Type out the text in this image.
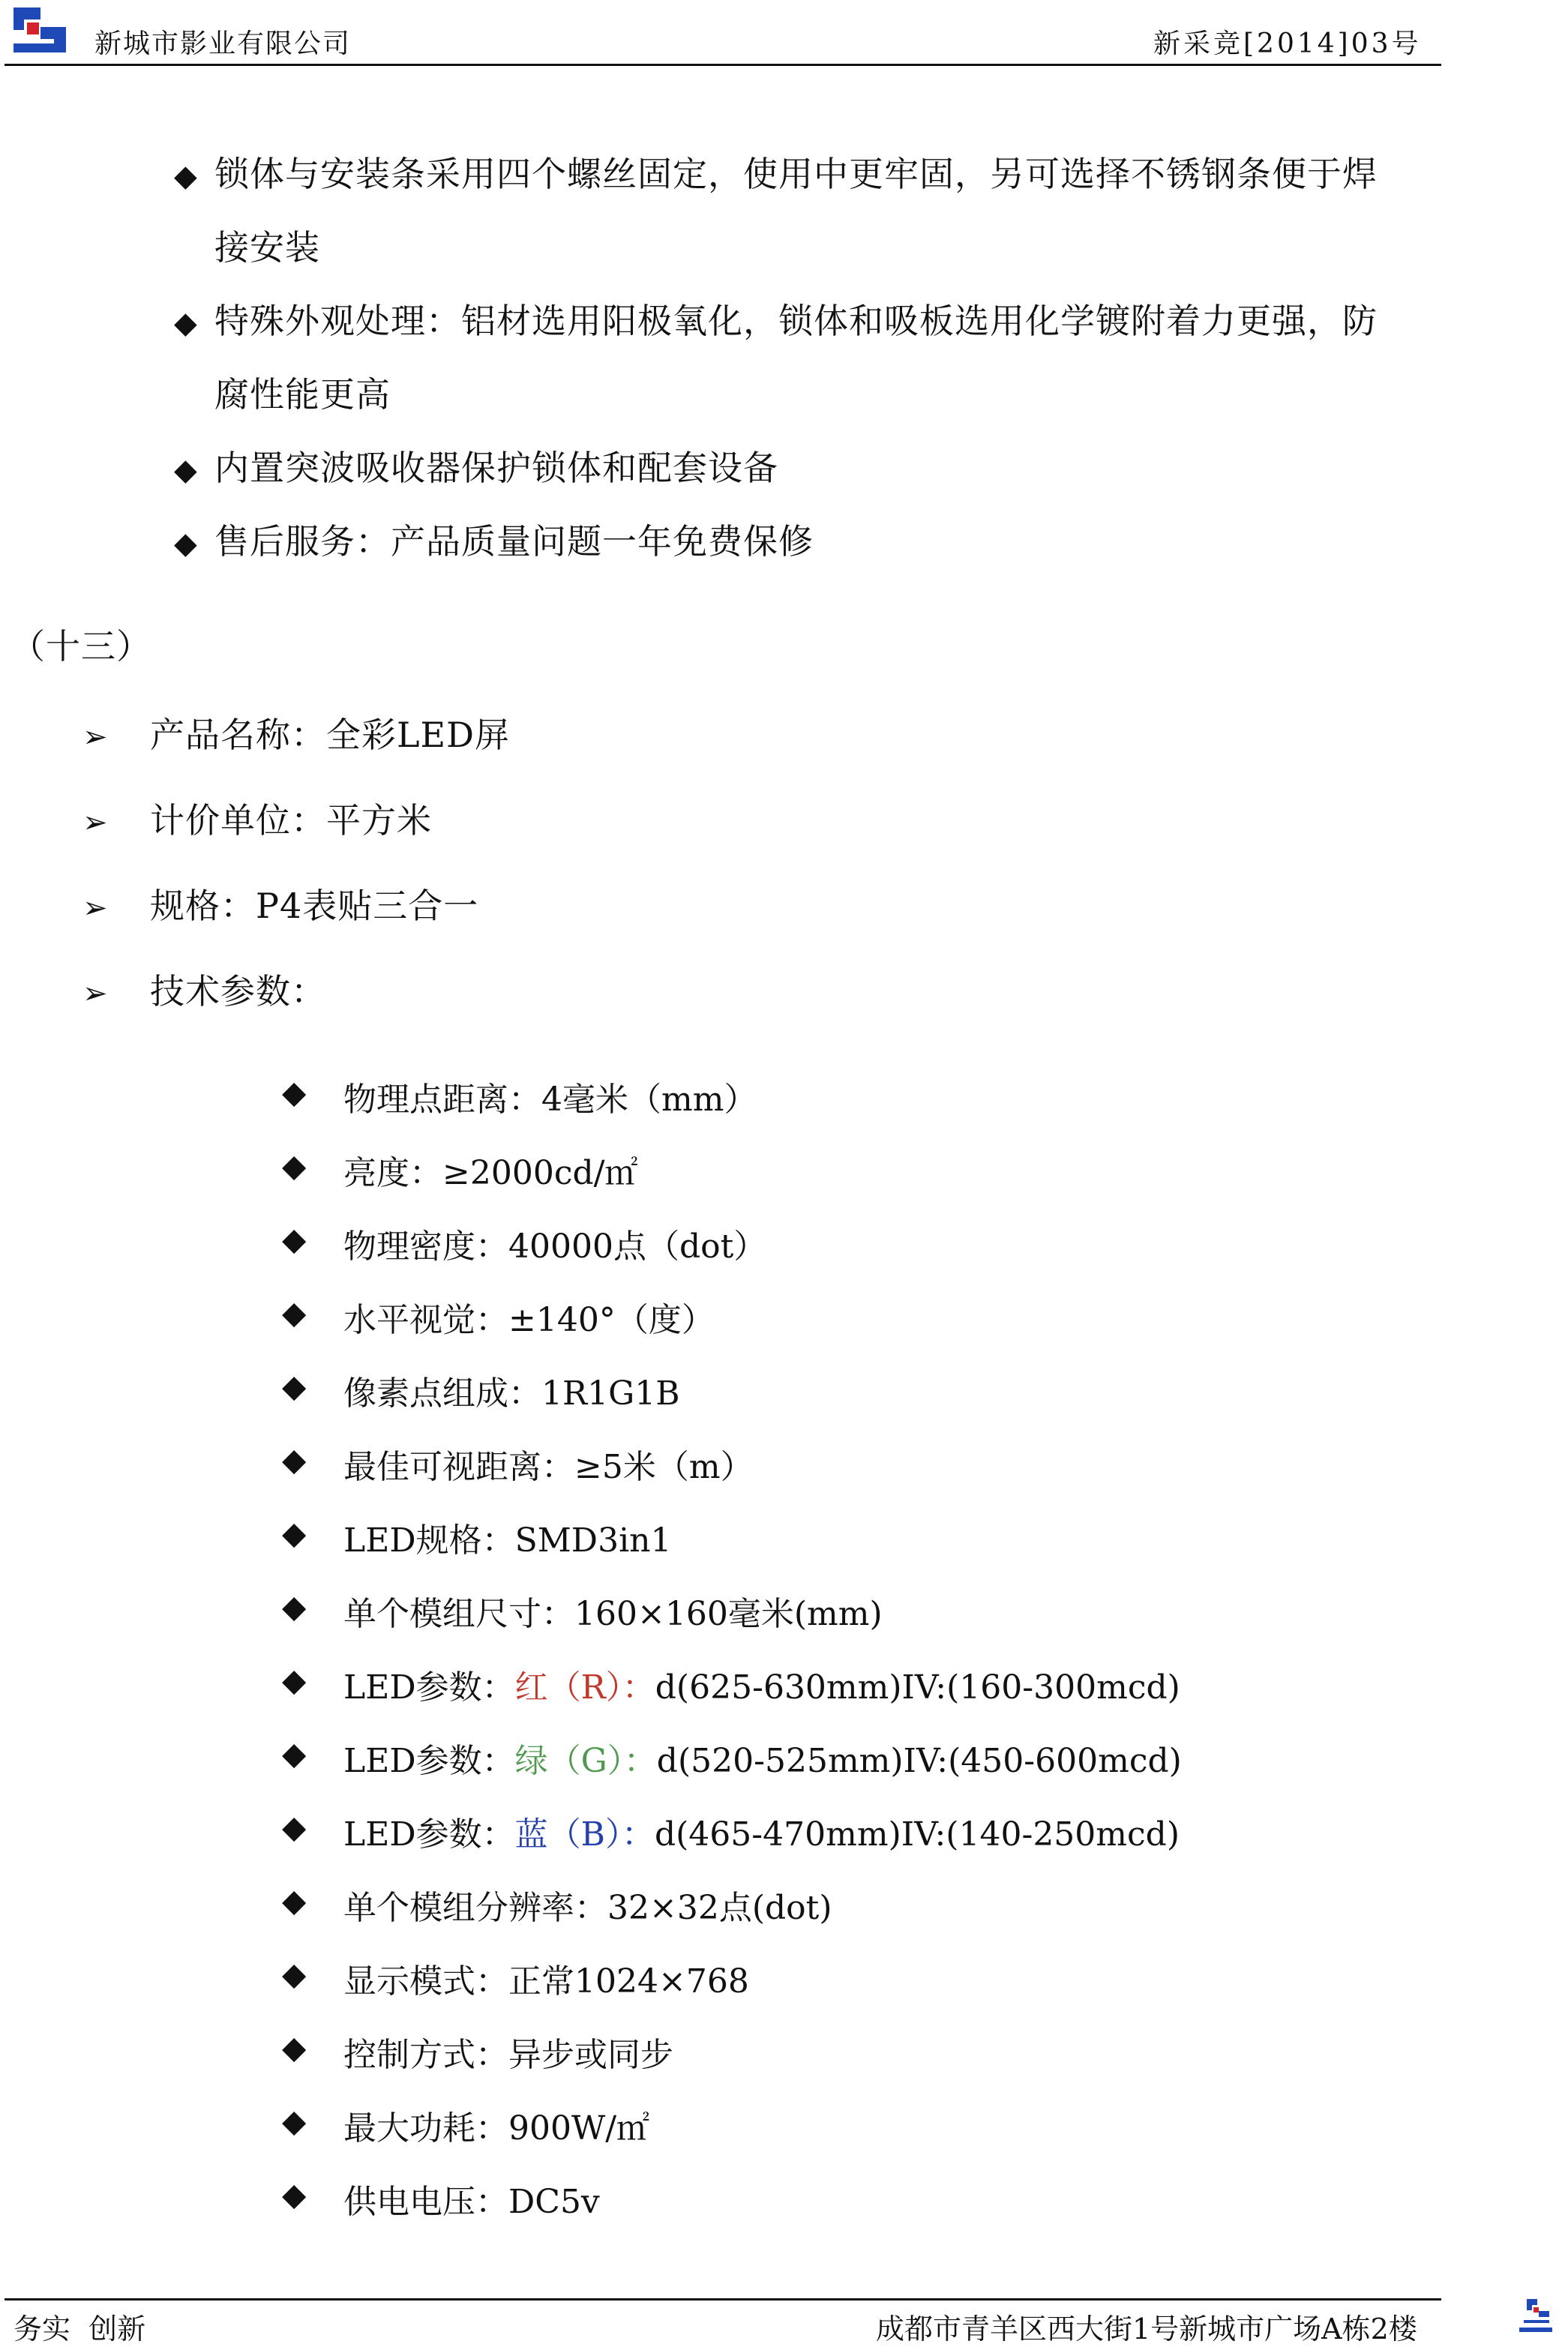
新城市影业有限公司	新采竞[2014]03号
◆ 锁体与安装条采用四个螺丝固定，使用中更牢固，另可选择不锈钢条便于焊
接安装
◆ 特殊外观处理：铝材选用阳极氧化，锁体和吸板选用化学镀附着力更强，防
腐性能更高
◆ 内置突波吸收器保护锁体和配套设备
◆ 售后服务：产品质量问题一年免费保修
（十三）
➢ 产品名称：全彩LED屏
➢ 计价单位：平方米
➢ 规格：P4表贴三合一
➢ 技术参数：
◆ 物理点距离：4毫米（mm）
◆ 亮度：≥2000cd/㎡
◆ 物理密度：40000点（dot）
◆ 水平视觉：±140°（度）
◆ 像素点组成：1R1G1B
◆ 最佳可视距离：≥5米（m）
◆ LED规格：SMD3in1
◆ 单个模组尺寸：160×160毫米(mm)
◆ LED参数：红（R）：d(625-630mm)IV:(160-300mcd)
◆ LED参数：绿（G）：d(520-525mm)IV:(450-600mcd)
◆ LED参数：蓝（B）：d(465-470mm)IV:(140-250mcd)
◆ 单个模组分辨率：32×32点(dot)
◆ 显示模式：正常1024×768
◆ 控制方式：异步或同步
◆ 最大功耗：900W/㎡
◆ 供电电压：DC5v
务实  创新	成都市青羊区西大街1号新城市广场A栋2楼
